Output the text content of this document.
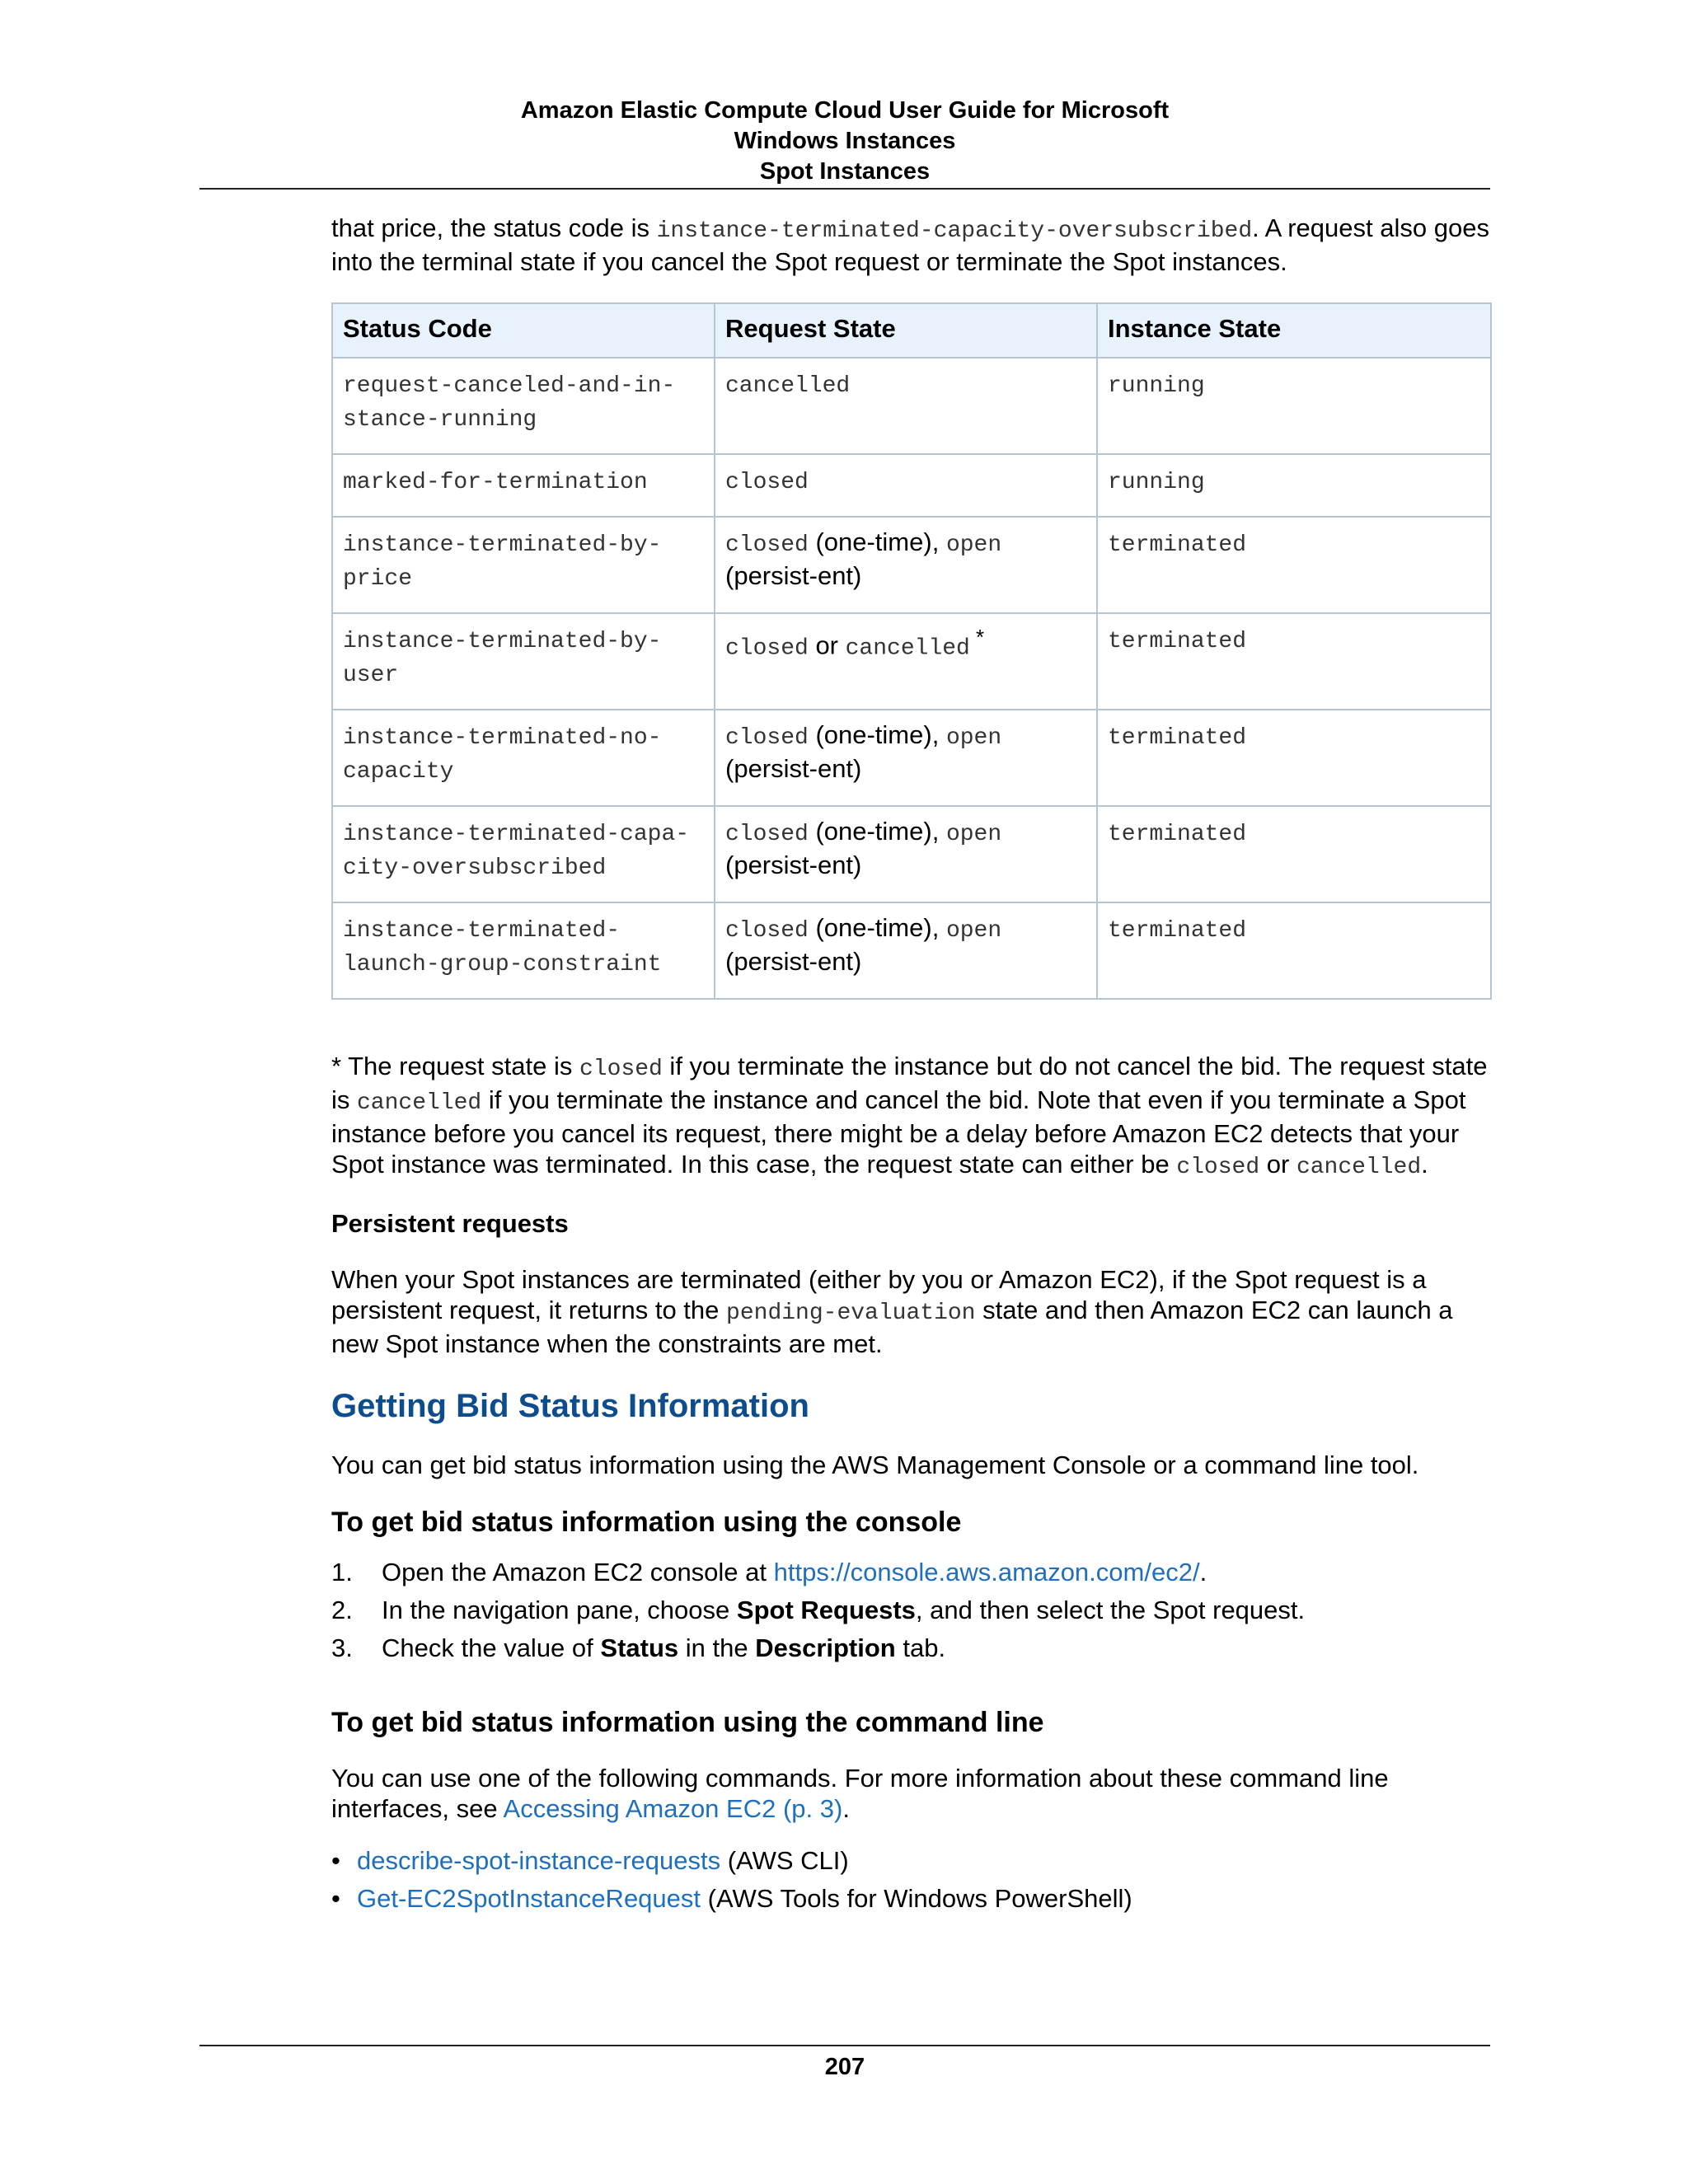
Amazon Elastic Compute Cloud User Guide for Microsoft
Windows Instances
Spot Instances

that price, the status code is instance-terminated-capacity-oversubscribed. A request also goes into the terminal state if you cancel the Spot request or terminate the Spot instances.

Status Code	Request State	Instance State
request-canceled-and-in-
stance-running	cancelled	running
marked-for-termination	closed	running
instance-terminated-by-
price	closed (one-time), open (persist-ent)	terminated
instance-terminated-by-
user	closed or cancelled *	terminated
instance-terminated-no-
capacity	closed (one-time), open (persist-ent)	terminated
instance-terminated-capa-
city-oversubscribed	closed (one-time), open (persist-ent)	terminated
instance-terminated-
launch-group-constraint	closed (one-time), open (persist-ent)	terminated

* The request state is closed if you terminate the instance but do not cancel the bid. The request state is cancelled if you terminate the instance and cancel the bid. Note that even if you terminate a Spot instance before you cancel its request, there might be a delay before Amazon EC2 detects that your Spot instance was terminated. In this case, the request state can either be closed or cancelled.

Persistent requests

When your Spot instances are terminated (either by you or Amazon EC2), if the Spot request is a persistent request, it returns to the pending-evaluation state and then Amazon EC2 can launch a new Spot instance when the constraints are met.

Getting Bid Status Information

You can get bid status information using the AWS Management Console or a command line tool.

To get bid status information using the console
1. Open the Amazon EC2 console at https://console.aws.amazon.com/ec2/.
2. In the navigation pane, choose Spot Requests, and then select the Spot request.
3. Check the value of Status in the Description tab.
To get bid status information using the command line

You can use one of the following commands. For more information about these command line interfaces, see Accessing Amazon EC2 (p. 3).

• describe-spot-instance-requests (AWS CLI)
• Get-EC2SpotInstanceRequest (AWS Tools for Windows PowerShell)
207
